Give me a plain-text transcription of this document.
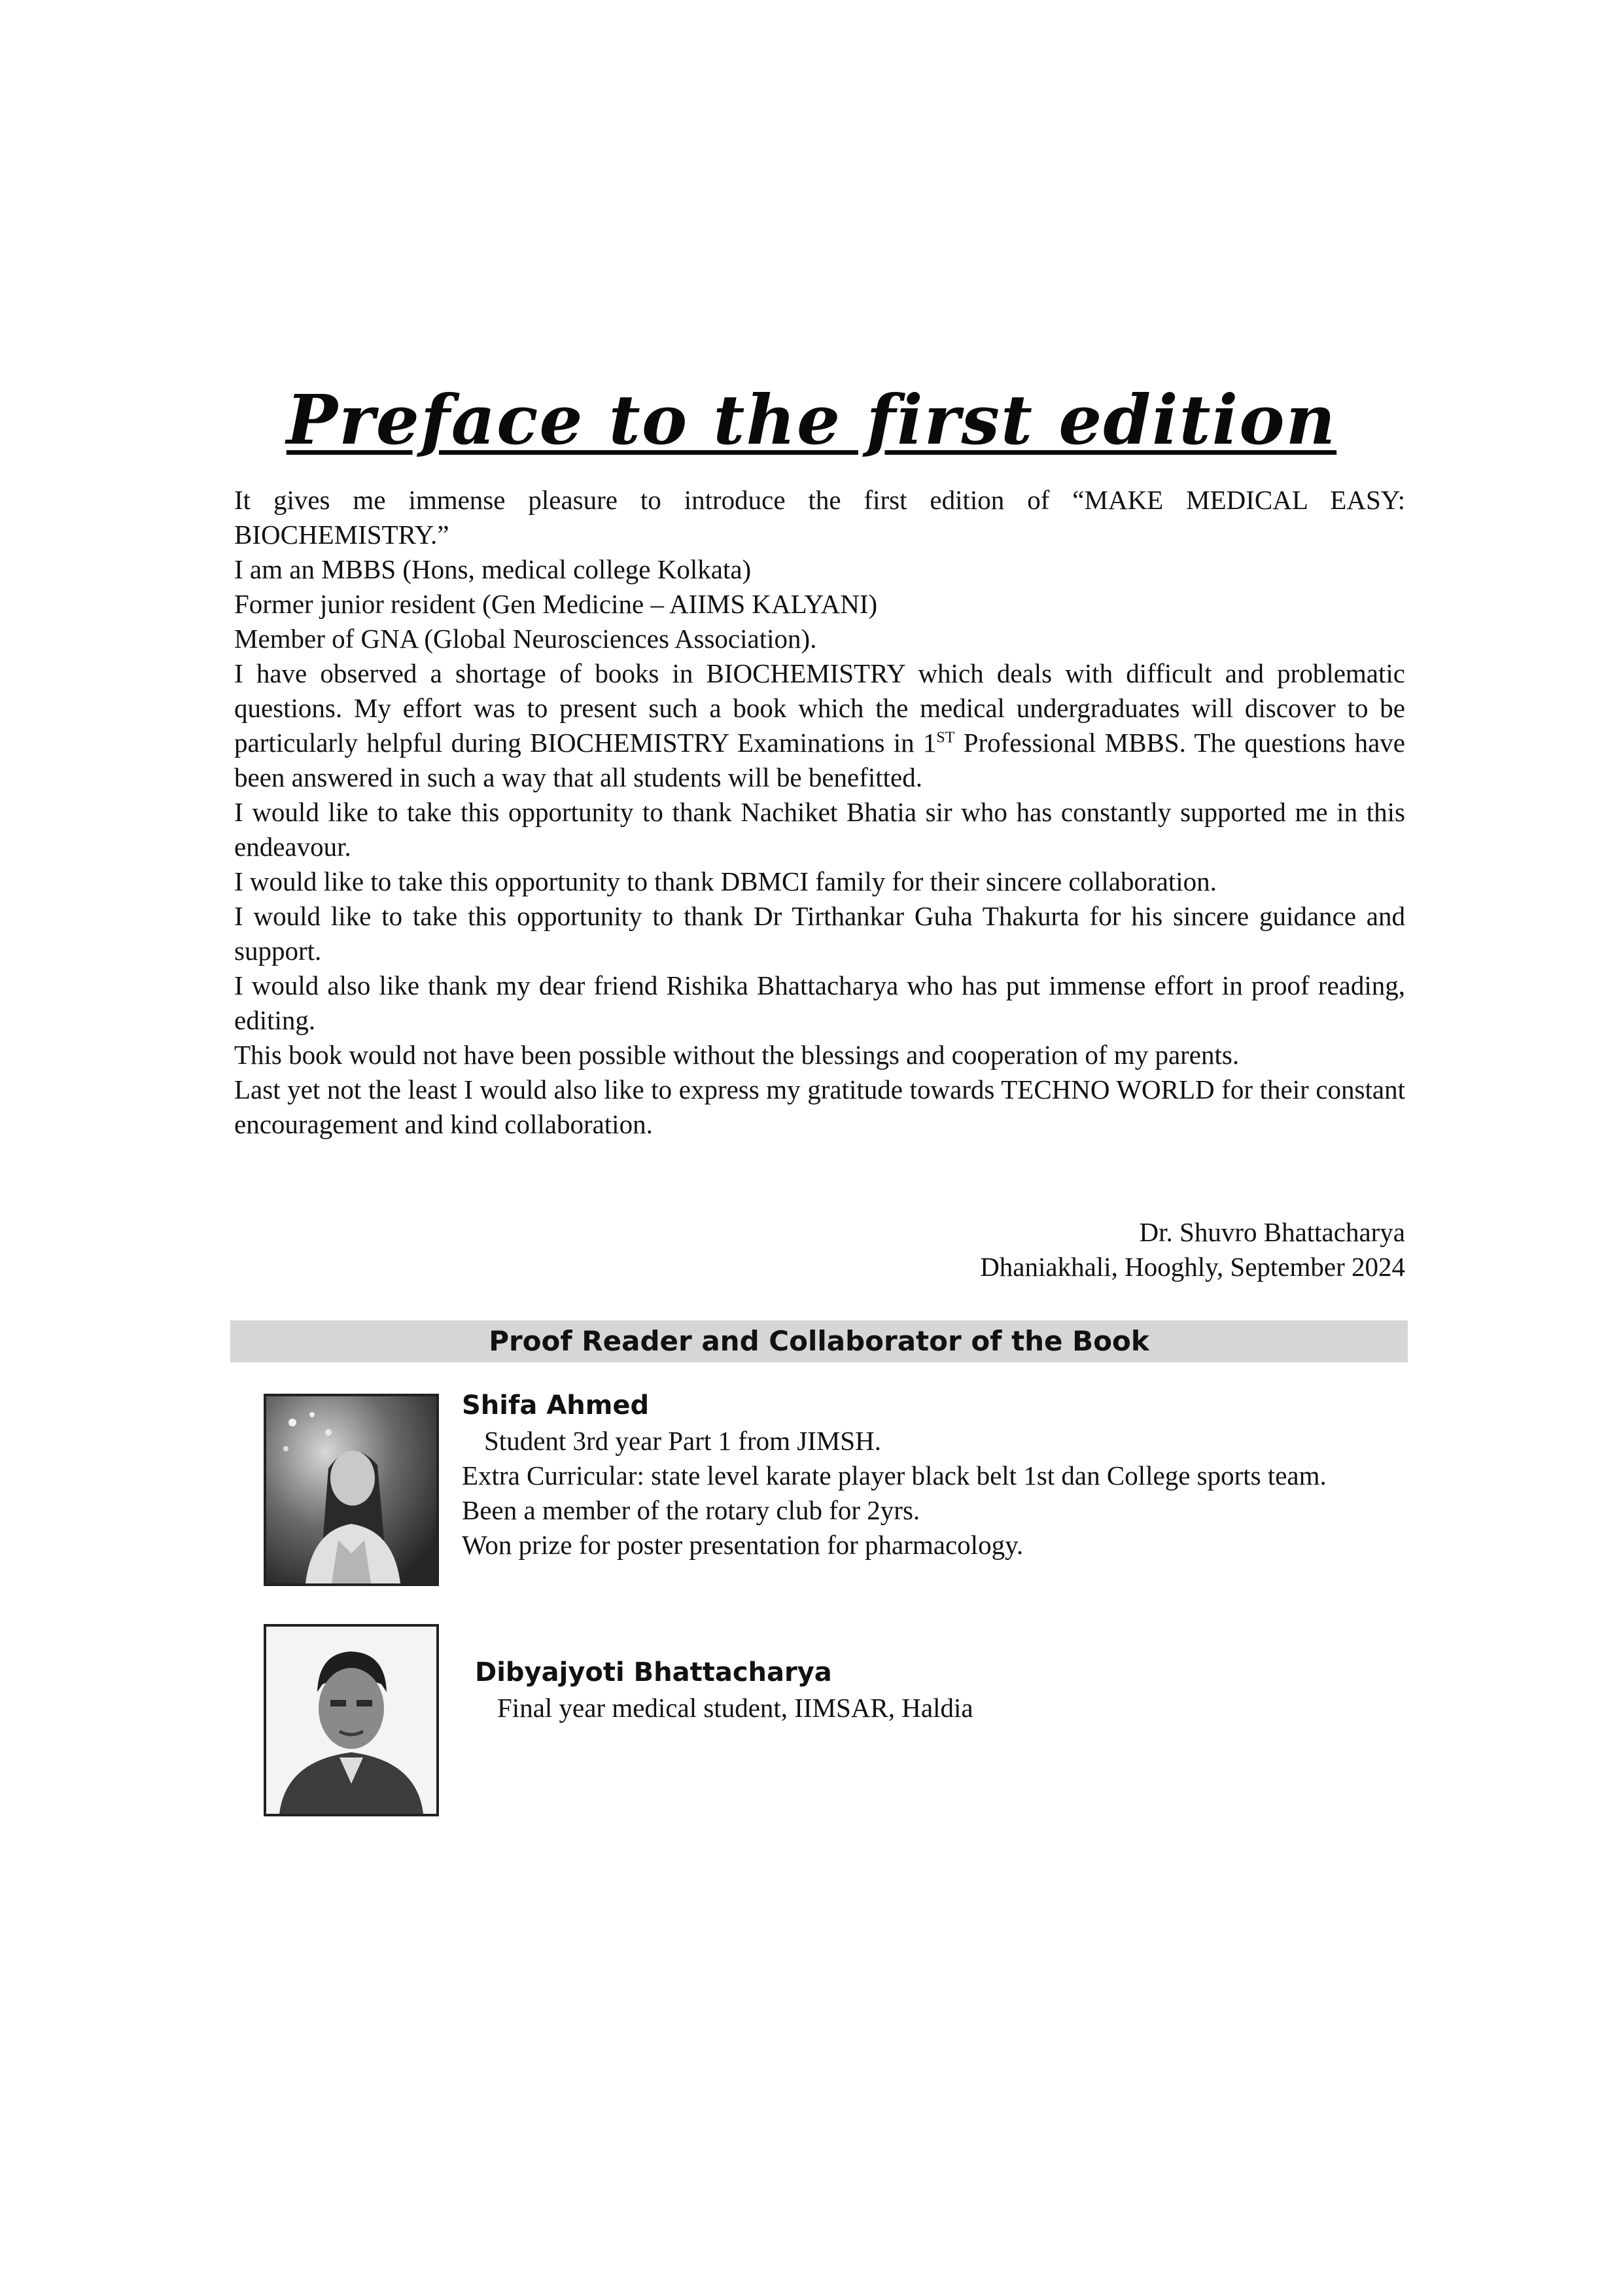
Preface to the first edition

It gives me immense pleasure to introduce the first edition of “MAKE MEDICAL EASY: BIOCHEMISTRY.”

I am an MBBS (Hons, medical college Kolkata)

Former junior resident (Gen Medicine – AIIMS KALYANI)

Member of GNA (Global Neurosciences Association).

I have observed a shortage of books in BIOCHEMISTRY which deals with difficult and problematic questions. My effort was to present such a book which the medical undergraduates will discover to be particularly helpful during BIOCHEMISTRY Examinations in 1ST Professional MBBS. The questions have been answered in such a way that all students will be benefitted.

I would like to take this opportunity to thank Nachiket Bhatia sir who has constantly supported me in this endeavour.

I would like to take this opportunity to thank DBMCI family for their sincere collaboration.

I would like to take this opportunity to thank Dr Tirthankar Guha Thakurta for his sincere guidance and support.

I would also like thank my dear friend Rishika Bhattacharya who has put immense effort in proof reading, editing.

This book would not have been possible without the blessings and cooperation of my parents.

Last yet not the least I would also like to express my gratitude towards TECHNO WORLD for their constant encouragement and kind collaboration.

Dr. Shuvro Bhattacharya
Dhaniakhali, Hooghly, September 2024
Proof Reader and Collaborator of the Book
Shifa Ahmed
Student 3rd year Part 1 from JIMSH.
Extra Curricular: state level karate player black belt 1st dan College sports team.
Been a member of the rotary club for 2yrs.
Won prize for poster presentation for pharmacology.
Dibyajyoti Bhattacharya
Final year medical student, IIMSAR, Haldia
